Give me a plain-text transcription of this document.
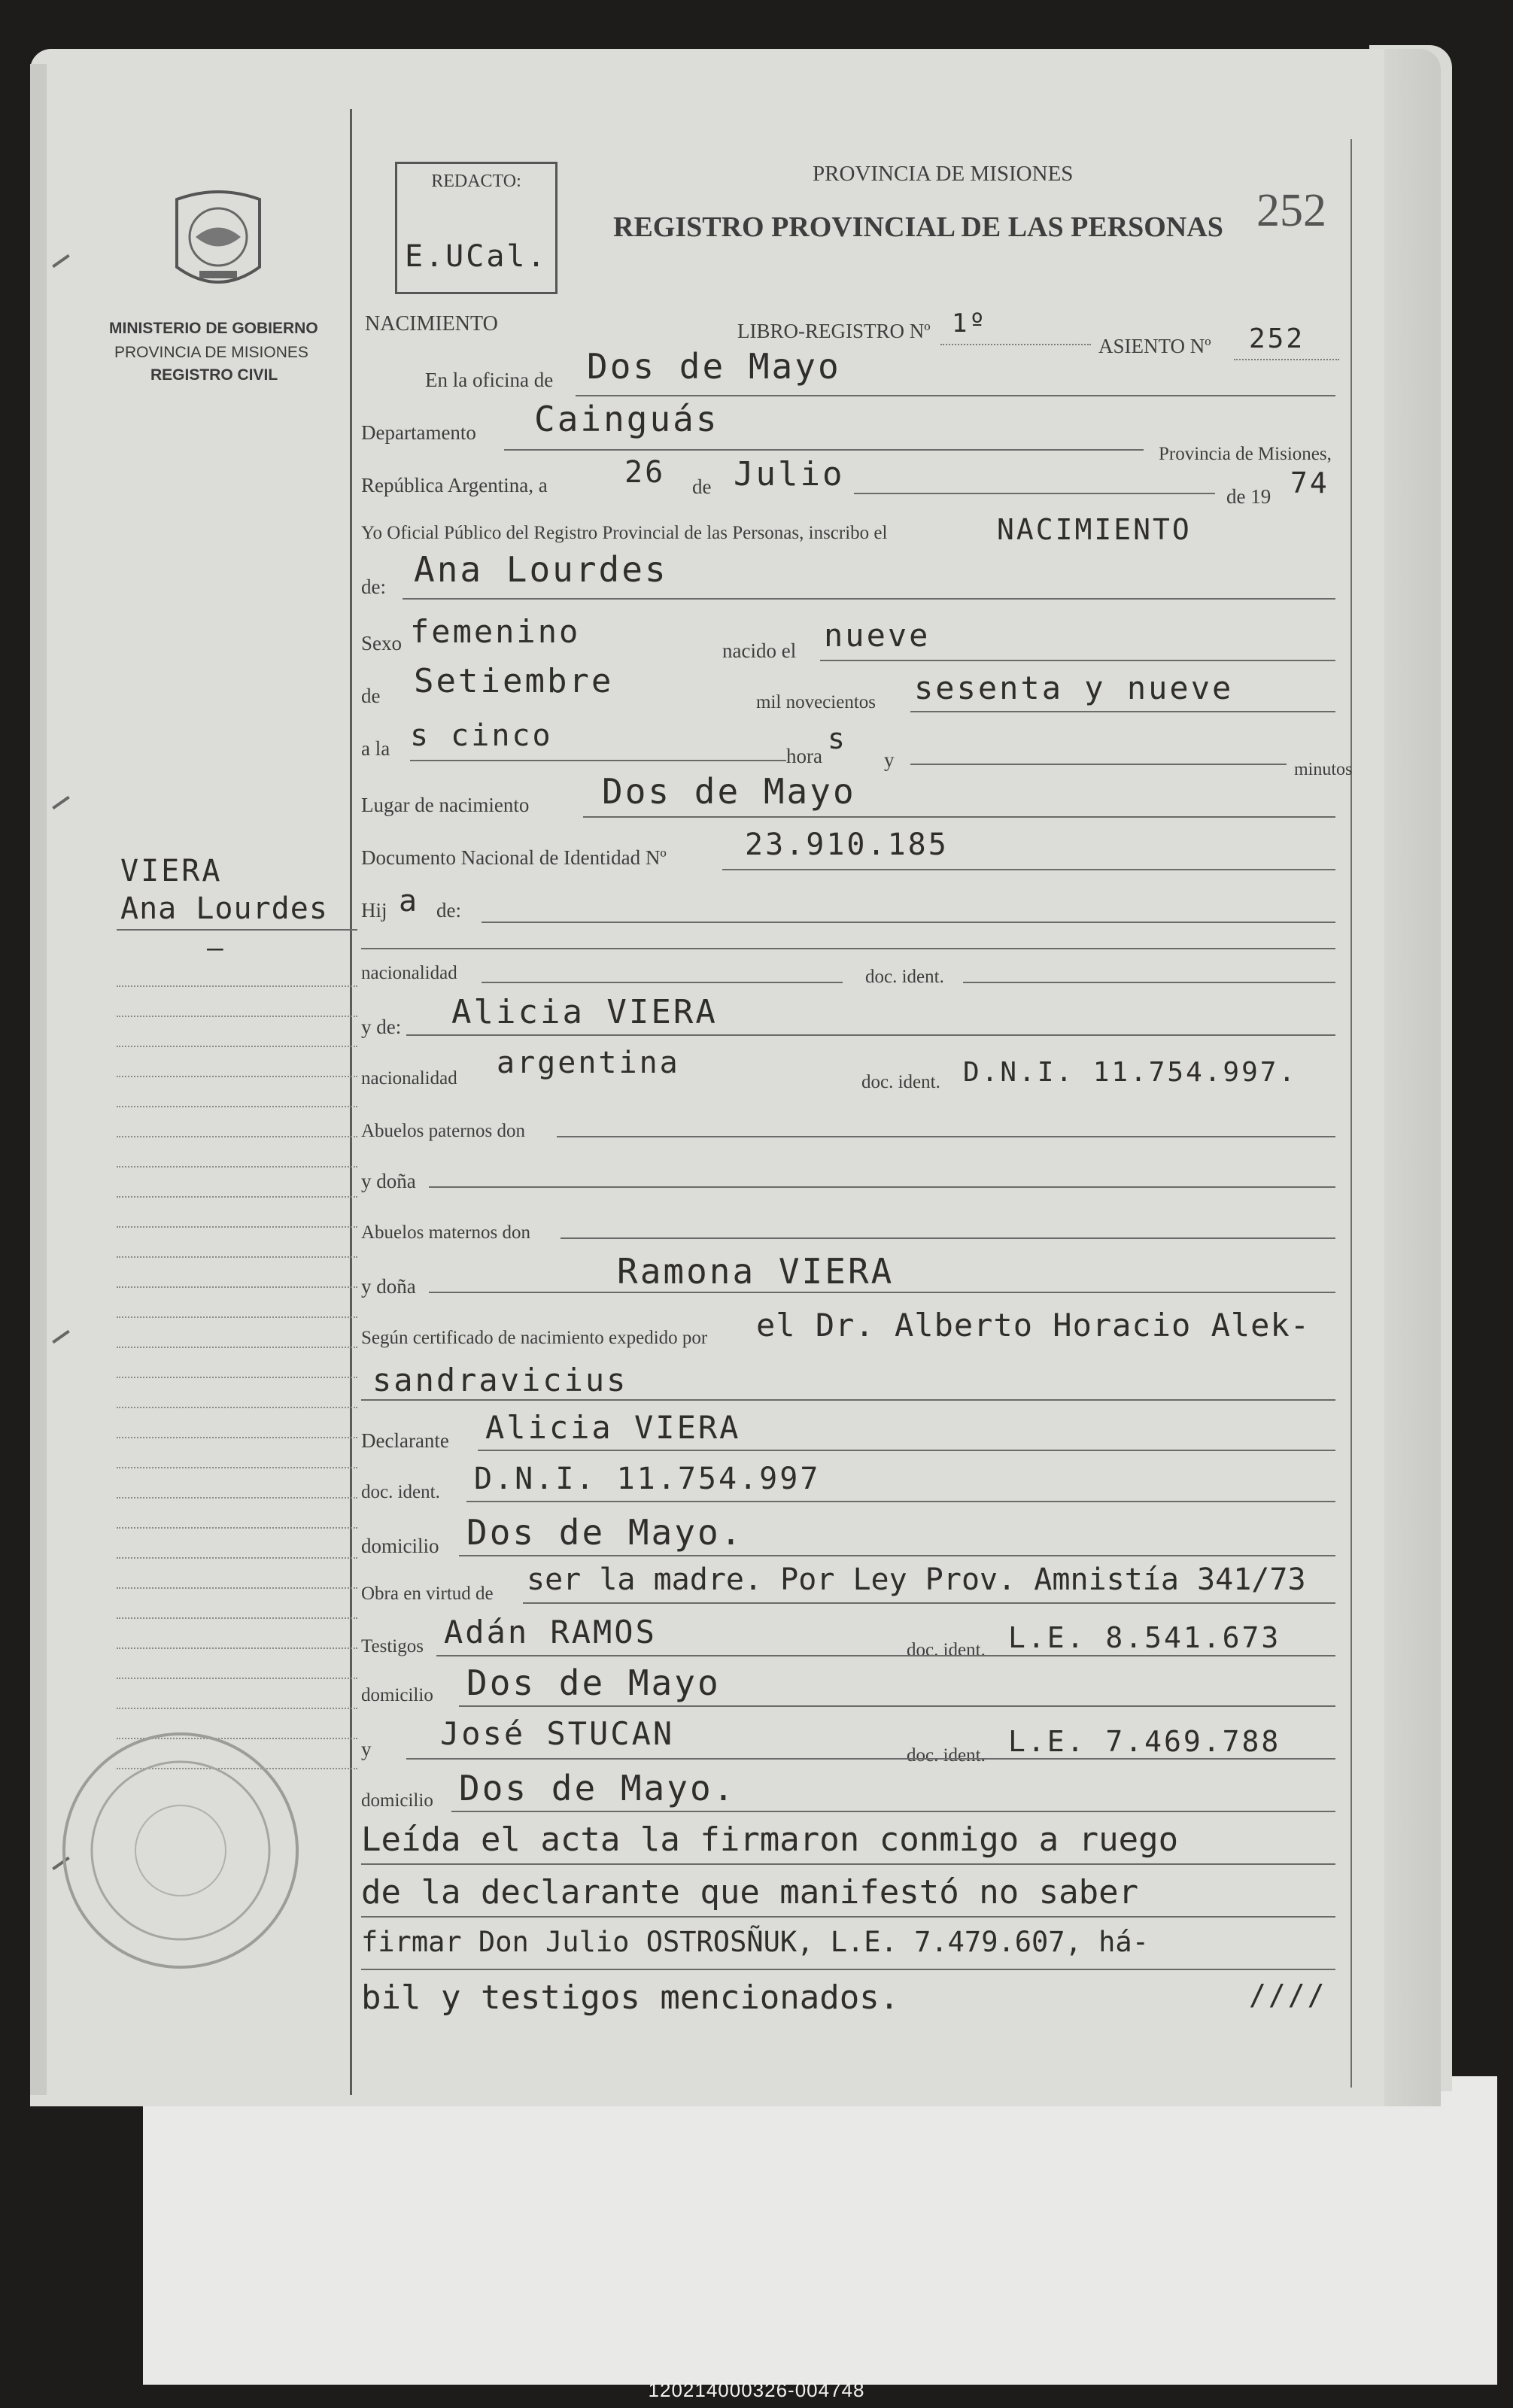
MINISTERIO DE GOBIERNO
PROVINCIA DE MISIONES
REGISTRO CIVIL
REDACTO:
E.UCal.
PROVINCIA DE MISIONES
REGISTRO PROVINCIAL DE LAS PERSONAS 252
NACIMIENTO	LIBRO-REGISTRO Nº 1º
ASIENTO Nº 252
En la oficina de Dos de Mayo
Departamento Cainguás
Provincia de Misiones,
República Argentina, a	26 de Julio
de 19 74
Yo Oficial Público del Registro Provincial de las Personas, inscribo el	NACIMIENTO
de: Ana Lourdes
Sexo femenino
nacido el nueve
de Setiembre
mil novecientos sesenta y nueve
a la s cinco
hora
s
y	minutos
Lugar de nacimiento Dos de Mayo
Documento Nacional de Identidad Nº	23.910.185
Hij a de:
nacionalidad	doc. ident.
y de: Alicia VIERA
nacionalidad argentina
doc. ident. D.N.I. 11.754.997.
Abuelos paternos don
y doña
Abuelos maternos don
y doña	Ramona VIERA
Según certificado de nacimiento expedido por el Dr. Alberto Horacio Alek-
sandravicius
Declarante Alicia VIERA
doc. ident. D.N.I. 11.754.997
domicilio Dos de Mayo.
Obra en virtud de ser la madre. Por Ley Prov. Amnistía 341/73
Testigos Adán RAMOS	doc. ident. L.E. 8.541.673
domicilio Dos de Mayo
y José STUCAN
doc. ident. L.E. 7.469.788
domicilio Dos de Mayo.
Leída el acta la firmaron conmigo a ruego
de la declarante que manifestó no saber
firmar Don Julio OSTROSÑUK, L.E. 7.479.607, há-
bil y testigos mencionados.	////
VIERA
Ana Lourdes
—
120214000326-004748
